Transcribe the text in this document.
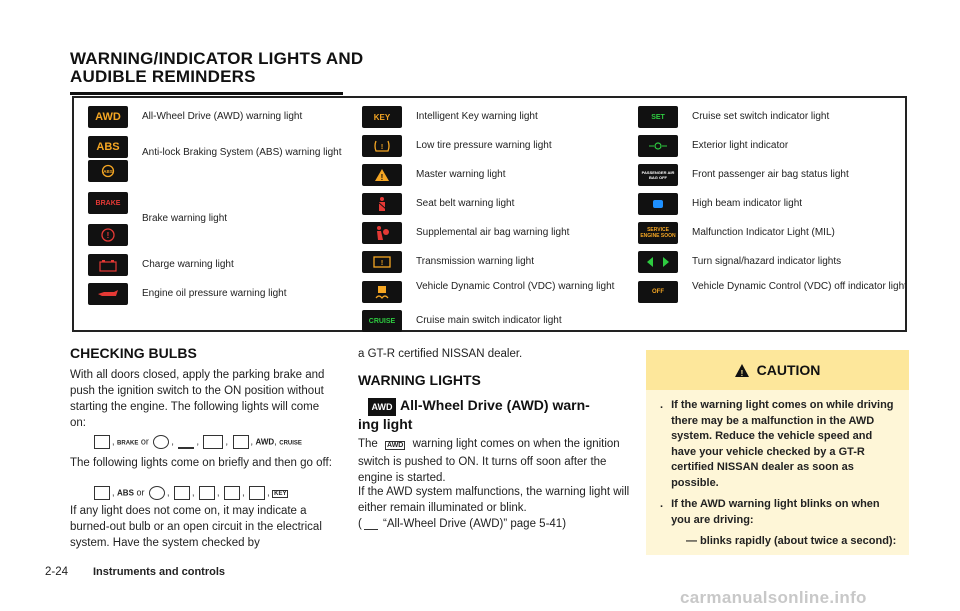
WARNING/INDICATOR LIGHTS AND
AUDIBLE REMINDERS
AWD All-Wheel Drive (AWD) warning light
ABS
ABS
Anti-lock Braking System (ABS) warning light
BRAKE
!
Brake warning light
Charge warning light
Engine oil pressure warning light
KEY	Intelligent Key warning light
!	Low tire pressure warning light
!	Master warning light
Seat belt warning light
Supplemental air bag warning light
!	Transmission warning light
Vehicle Dynamic Control (VDC) warning light
CRUISE Cruise main switch indicator light
SET	Cruise set switch indicator light
Exterior light indicator
PASSENGER AIR BAG OFF	Front passenger air bag status light
High beam indicator light
SERVICE ENGINE SOON Malfunction Indicator Light (MIL)
Turn signal/hazard indicator lights
OFF	Vehicle Dynamic Control (VDC) off indicator light
CHECKING BULBS
With all doors closed, apply the parking brake and push the ignition switch to the ON position without starting the engine. The following lights will come on:
, BRAKE or	,	,	,	, AWD, CRUISE
The following lights come on briefly and then go off:
, ABS or	,	,	,	,	, KEY
If any light does not come on, it may indicate a burned-out bulb or an open circuit in the electrical system. Have the system checked by
a GT-R certified NISSAN dealer.
WARNING LIGHTS
AWD All-Wheel Drive (AWD) warn-
ing light
The AWD warning light comes on when the ignition switch is pushed to ON. It turns off soon after the engine is started.
If the AWD system malfunctions, the warning light will either remain illuminated or blink.
( “All-Wheel Drive (AWD)” page 5-41)
! CAUTION
. If the warning light comes on while driving there may be a malfunction in the AWD system. Reduce the vehicle speed and have your vehicle checked by a GT-R certified NISSAN dealer as soon as possible.
. If the AWD warning light blinks on when you are driving:
— blinks rapidly (about twice a second):
2-24 Instruments and controls
carmanualsonline.info
